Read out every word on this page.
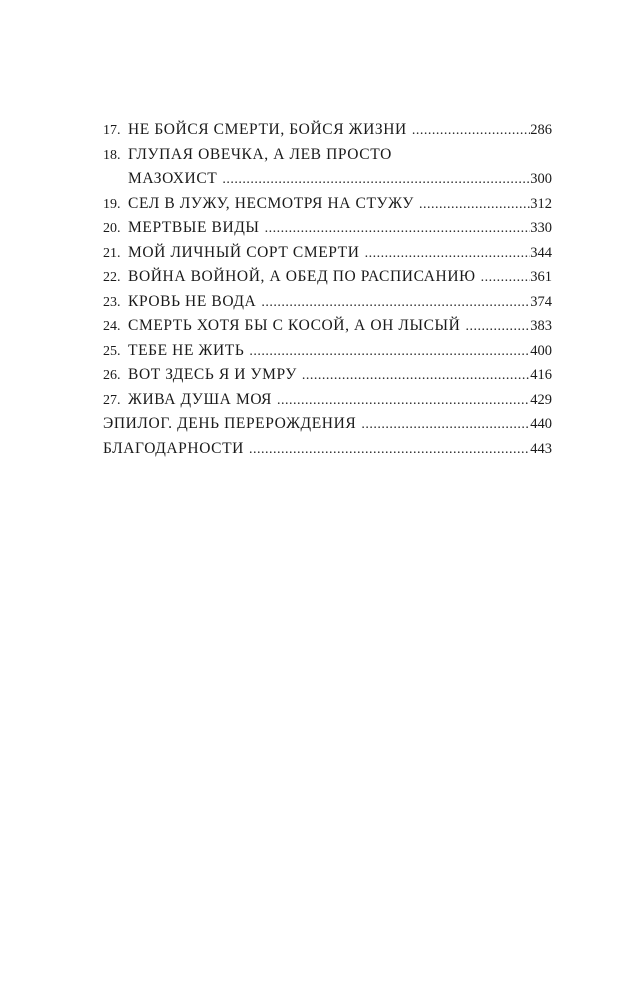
17. НЕ БОЙСЯ СМЕРТИ, БОЙСЯ ЖИЗНИ . . .	286
18. ГЛУПАЯ ОВЕЧКА, А ЛЕВ ПРОСТО
МАЗОХИСТ . . .	300
19. СЕЛ В ЛУЖУ, НЕСМОТРЯ НА СТУЖУ . . .	312
20. МЕРТВЫЕ ВИДЫ . . .	330
21. МОЙ ЛИЧНЫЙ СОРТ СМЕРТИ . . .	344
22. ВОЙНА ВОЙНОЙ, А ОБЕД ПО РАСПИСАНИЮ . . .	361
23. КРОВЬ НЕ ВОДА . . .	374
24. СМЕРТЬ ХОТЯ БЫ С КОСОЙ, А ОН ЛЫСЫЙ . . .	383
25. ТЕБЕ НЕ ЖИТЬ . . .	400
26. ВОТ ЗДЕСЬ Я И УМРУ . . .	416
27. ЖИВА ДУША МОЯ . . .	429
ЭПИЛОГ. ДЕНЬ ПЕРЕРОЖДЕНИЯ . . .	440
БЛАГОДАРНОСТИ . . .	443
